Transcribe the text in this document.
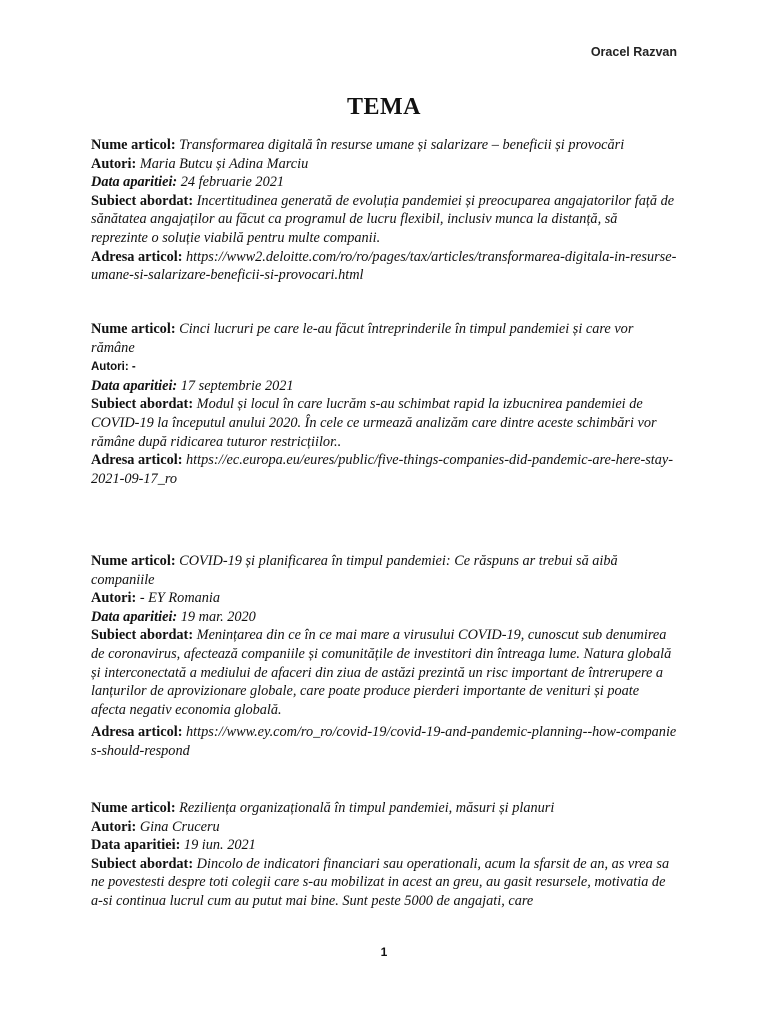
Oracel Razvan
TEMA

Nume articol: Transformarea digitală în resurse umane și salarizare – beneficii și provocări

Autori: Maria Butcu și Adina Marciu

Data aparitiei: 24 februarie 2021

Subiect abordat: Incertitudinea generată de evoluția pandemiei și preocuparea angajatorilor față de sănătatea angajaților au făcut ca programul de lucru flexibil, inclusiv munca la distanță, să reprezinte o soluție viabilă pentru multe companii.

Adresa articol: https://www2.deloitte.com/ro/ro/pages/tax/articles/transformarea-digitala-in-resurse-umane-si-salarizare-beneficii-si-provocari.html

Nume articol: Cinci lucruri pe care le-au făcut întreprinderile în timpul pandemiei și care vor rămâne

Autori: -

Data aparitiei: 17 septembrie 2021

Subiect abordat: Modul și locul în care lucrăm s-au schimbat rapid la izbucnirea pandemiei de COVID-19 la începutul anului 2020. În cele ce urmează analizăm care dintre aceste schimbări vor rămâne după ridicarea tuturor restricțiilor..

Adresa articol: https://ec.europa.eu/eures/public/five-things-companies-did-pandemic-are-here-stay-2021-09-17_ro

Nume articol: COVID-19 și planificarea în timpul pandemiei: Ce răspuns ar trebui să aibă companiile

Autori: - EY Romania

Data aparitiei: 19 mar. 2020

Subiect abordat: Menințarea din ce în ce mai mare a virusului COVID-19, cunoscut sub denumirea de coronavirus, afectează companiile și comunitățile de investitori din întreaga lume. Natura globală și interconectată a mediului de afaceri din ziua de astăzi prezintă un risc important de întrerupere a lanțurilor de aprovizionare globale, care poate produce pierderi importante de venituri și poate afecta negativ economia globală.

Adresa articol: https://www.ey.com/ro_ro/covid-19/covid-19-and-pandemic-planning--how-companies-should-respond

Nume articol: Reziliența organizațională în timpul pandemiei, măsuri și planuri

Autori: Gina Cruceru

Data aparitiei: 19 iun. 2021

Subiect abordat: Dincolo de indicatori financiari sau operationali, acum la sfarsit de an, as vrea sa ne povestesti despre toti colegii care s-au mobilizat in acest an greu, au gasit resursele, motivatia de a-si continua lucrul cum au putut mai bine. Sunt peste 5000 de angajati, care

1
